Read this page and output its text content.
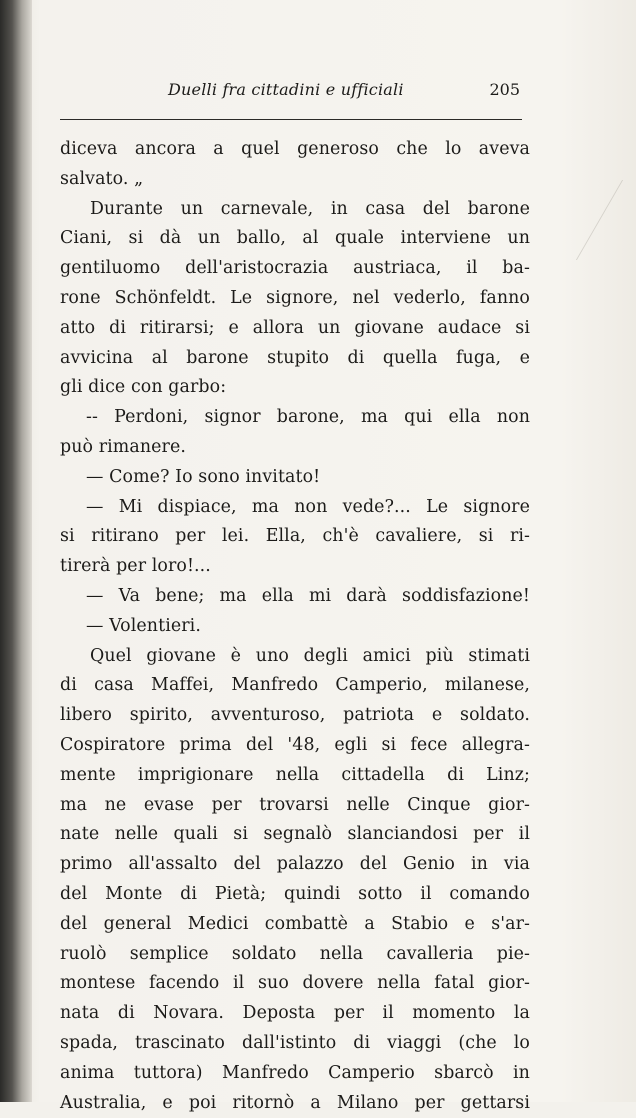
Duelli fra cittadini e ufficiali	205
diceva ancora a quel generoso che lo aveva
salvato. „
Durante un carnevale, in casa del barone
Ciani, si dà un ballo, al quale interviene un
gentiluomo dell'aristocrazia austriaca, il ba-
rone Schönfeldt. Le signore, nel vederlo, fanno
atto di ritirarsi; e allora un giovane audace si
avvicina al barone stupito di quella fuga, e
gli dice con garbo:
-- Perdoni, signor barone, ma qui ella non
può rimanere.
— Come? Io sono invitato!
— Mi dispiace, ma non vede?... Le signore
si ritirano per lei. Ella, ch'è cavaliere, si ri-
tirerà per loro!...
— Va bene; ma ella mi darà soddisfazione!
— Volentieri.
Quel giovane è uno degli amici più stimati
di casa Maffei, Manfredo Camperio, milanese,
libero spirito, avventuroso, patriota e soldato.
Cospiratore prima del '48, egli si fece allegra-
mente imprigionare nella cittadella di Linz;
ma ne evase per trovarsi nelle Cinque gior-
nate nelle quali si segnalò slanciandosi per il
primo all'assalto del palazzo del Genio in via
del Monte di Pietà; quindi sotto il comando
del general Medici combattè a Stabio e s'ar-
ruolò semplice soldato nella cavalleria pie-
montese facendo il suo dovere nella fatal gior-
nata di Novara. Deposta per il momento la
spada, trascinato dall'istinto di viaggi (che lo
anima tuttora) Manfredo Camperio sbarcò in
Australia, e poi ritornò a Milano per gettarsi
